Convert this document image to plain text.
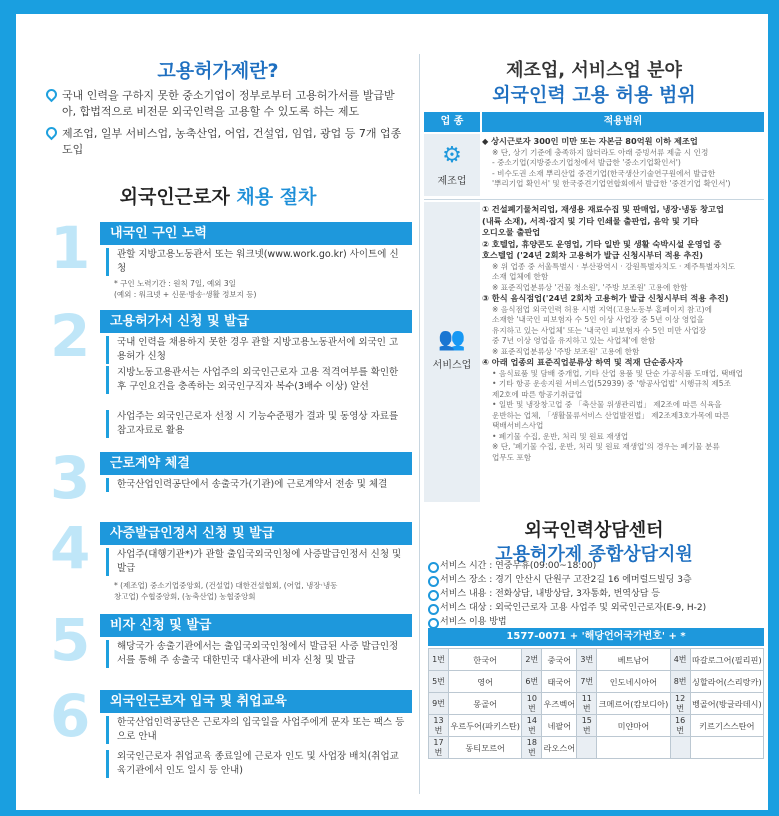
고용허가제란?
국내 인력을 구하지 못한 중소기업이 정부로부터 고용허가서를 발급받아, 합법적으로 비전문 외국인력을 고용할 수 있도록 하는 제도
제조업, 일부 서비스업, 농축산업, 어업, 건설업, 임업, 광업 등 7개 업종 도입
외국인근로자 채용 절차
1	내국인 구인 노력
관할 지방고용노동관서 또는 워크넷(www.work.go.kr) 사이트에 신청
* 구인 노력기간 : 원칙 7일, 예외 3일
(예외 : 워크넷 + 신문·방송·생활 정보지 등)
2	고용허가서 신청 및 발급
국내 인력을 채용하지 못한 경우 관할 지방고용노동관서에 외국인 고용허가 신청
지방노동고용관서는 사업주의 외국인근로자 고용 적격여부를 확인한 후 구인요건을 충족하는 외국인구직자 복수(3배수 이상) 알선
사업주는 외국인근로자 선정 시 기능수준평가 결과 및 동영상 자료를 참고자료로 활용
3	근로계약 체결
한국산업인력공단에서 송출국가(기관)에 근로계약서 전송 및 체결
4	사증발급인정서 신청 및 발급
사업주(대행기관*)가 관할 출입국외국인청에 사증발급인정서 신청 및 발급
* (제조업) 중소기업중앙회, (건설업) 대한건설협회, (어업, 냉장·냉동
창고업) 수협중앙회, (농축산업) 농협중앙회
5	비자 신청 및 발급
해당국가 송출기관에서는 출입국외국인청에서 발급된 사증 발급인정서를 통해 주 송출국 대한민국 대사관에 비자 신청 및 발급
6	외국인근로자 입국 및 취업교육
한국산업인력공단은 근로자의 입국일을 사업주에게 문자 또는 팩스 등으로 안내
외국인근로자 취업교육 종료일에 근로자 인도 및 사업장 배치(취업교육기관에서 인도 일시 등 안내)
제조업, 서비스업 분야
외국인력 고용 허용 범위
업 종	적용범위
⚙
제조업
◆ 상시근로자 300인 미만 또는 자본금 80억원 이하 제조업
※ 단, 상기 기준에 충족하지 않더라도 아래 증빙서류 제출 시 인정
- 중소기업(지방중소기업청에서 발급한 '중소기업확인서')
- 비수도권 소재 뿌리산업 중견기업(한국생산기술연구원에서 발급한
'뿌리기업 확인서' 및 한국중견기업연합회에서 발급한 '중견기업 확인서')
👥
서비스업
① 건설폐기물처리업, 재생용 재료수집 및 판매업, 냉장·냉동 창고업
(내륙 소재), 서적·잡지 및 기타 인쇄물 출판업, 음악 및 기타
오디오물 출판업
② 호텔업, 휴양콘도 운영업, 기타 일반 및 생활 숙박시설 운영업 중
호스텔업 ('24년 2회차 고용허가 발급 신청시부터 적용 추진)
※ 위 업종 중 서울특별시 · 부산광역시 · 강원특별자치도 · 제주특별자치도
소재 업체에 한함
※ 표준직업분류상 '건물 청소원', '주방 보조원' 고용에 한함
③ 한식 음식점업('24년 2회차 고용허가 발급 신청시부터 적용 추진)
※ 음식점업 외국인력 허용 시범 지역(고용노동부 홈페이지 참고)에
소재한 '내국인 피보험자 수 5인 이상 사업장 중 5년 이상 영업을
유지하고 있는 사업체' 또는 '내국인 피보험자 수 5인 미만 사업장
중 7년 이상 영업을 유지하고 있는 사업체'에 한함
※ 표준직업분류상 '주방 보조원' 고용에 한함
④ 아래 업종의 표준직업분류상 하역 및 적재 단순종사자
• 음식료품 및 담배 중개업, 기타 산업 용품 및 단순 가공식품 도매업, 택배업
• 기타 항공 운송지원 서비스업(52939) 중 '항공사업법' 시행규칙 제5조
제2호에 따른 항공기취급업
• 일반 및 냉장창고업 중 「축산물 위생관리법」 제2조에 따른 식육을
운반하는 업체, 「생활물류서비스 산업발전법」 제2조제3호가목에 따른
택배서비스사업
• 폐기물 수집, 운반, 처리 및 원료 재생업
※ 단, '폐기물 수집, 운반, 처리 및 원료 재생업'의 경우는 폐기물 분류
업무도 포함
외국인력상담센터
고용허가제 종합상담지원
서비스 시간 : 연중무휴(09:00~18:00)
서비스 장소 : 경기 안산시 단원구 고잔2길 16 에머럴드빌딩 3층
서비스 내용 : 전화상담, 내방상담, 3자통화, 번역상담 등
서비스 대상 : 외국인근로자 고용 사업주 및 외국인근로자(E-9, H-2)
서비스 이용 방법
1577-0071 + '해당언어국가번호' + *
1번	한국어	2번	중국어	3번	베트남어	4번	따갈로그어(필리핀)
5번	영어	6번	태국어	7번	인도네시아어	8번	싱할라어(스리랑카)
9번	몽골어	10번	우즈벡어	11번	크메르어(캄보디아)	12번	벵골어(방글라데시)
13번	우르두어(파키스탄)	14번	네팔어	15번	미얀마어	16번	키르기스스탄어
17번	동티모르어	18번	라오스어				
